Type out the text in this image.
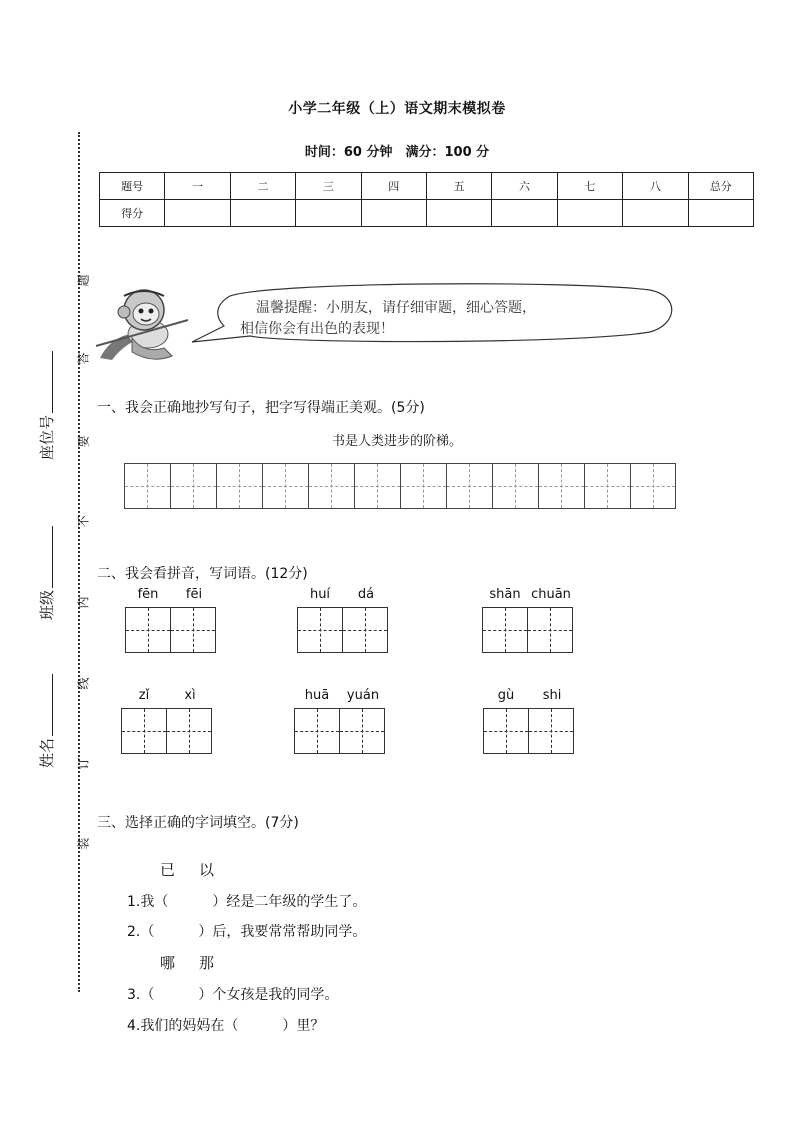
小学二年级（上）语文期末模拟卷
时间：60 分钟　满分：100 分
题号	一	二	三	四	五	六	七	八	总分
得分									
题
答
要
不
内
线
订
装
座位号
班级
姓名
温馨提醒：小朋友，请仔细审题，细心答题，
相信你会有出色的表现！
一、我会正确地抄写句子，把字写得端正美观。(5分)
书是人类进步的阶梯。
二、我会看拼音，写词语。(12分)
fēn	fēi	huí	dá	shān chuān
zǐ	xì	huā	yuán	gù	shi
三、选择正确的字词填空。(7分)
已 以
1.我（	）经是二年级的学生了。
2.（	）后，我要常常帮助同学。
哪 那
3.（	）个女孩是我的同学。
4.我们的妈妈在（	）里？
